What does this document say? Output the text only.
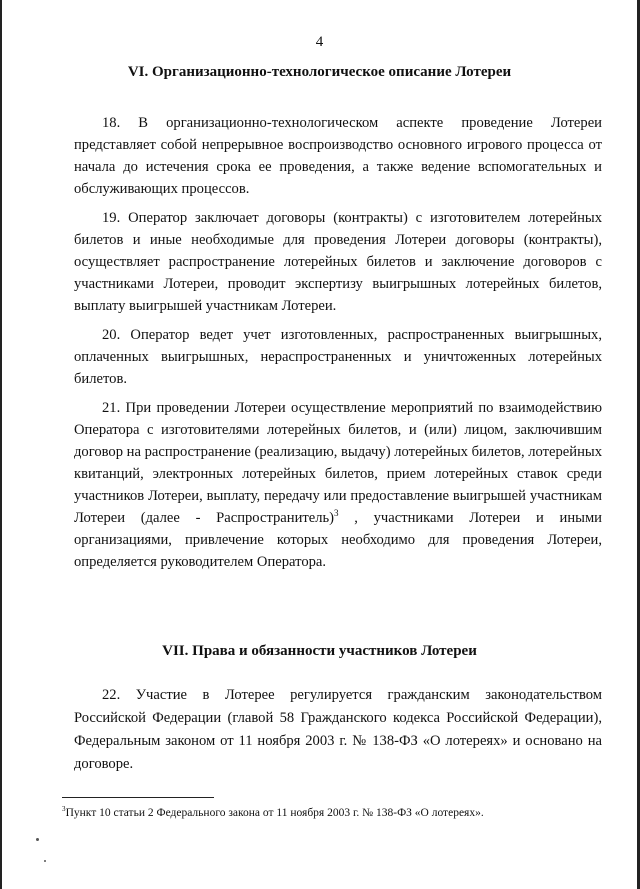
4
VI. Организационно-технологическое описание Лотереи

18. В организационно-технологическом аспекте проведение Лотереи представляет собой непрерывное воспроизводство основного игрового процесса от начала до истечения срока ее проведения, а также ведение вспомогательных и обслуживающих процессов.

19. Оператор заключает договоры (контракты) с изготовителем лотерейных билетов и иные необходимые для проведения Лотереи договоры (контракты), осуществляет распространение лотерейных билетов и заключение договоров с участниками Лотереи, проводит экспертизу выигрышных лотерейных билетов, выплату выигрышей участникам Лотереи.

20. Оператор ведет учет изготовленных, распространенных выигрышных, оплаченных выигрышных, нераспространенных и уничтоженных лотерейных билетов.

21. При проведении Лотереи осуществление мероприятий по взаимодействию Оператора с изготовителями лотерейных билетов, и (или) лицом, заключившим договор на распространение (реализацию, выдачу) лотерейных билетов, лотерейных квитанций, электронных лотерейных билетов, прием лотерейных ставок среди участников Лотереи, выплату, передачу или предоставление выигрышей участникам Лотереи (далее - Распространитель)$^3$ , участниками Лотереи и иными организациями, привлечение которых необходимо для проведения Лотереи, определяется руководителем Оператора.

VII. Права и обязанности участников Лотереи

22. Участие в Лотерее регулируется гражданским законодательством Российской Федерации (главой 58 Гражданского кодекса Российской Федерации), Федеральным законом от 11 ноября 2003 г. № 138-ФЗ «О лотереях» и основано на договоре.

$^3$Пункт 10 статьи 2 Федерального закона от 11 ноября 2003 г. № 138-ФЗ «О лотереях».
